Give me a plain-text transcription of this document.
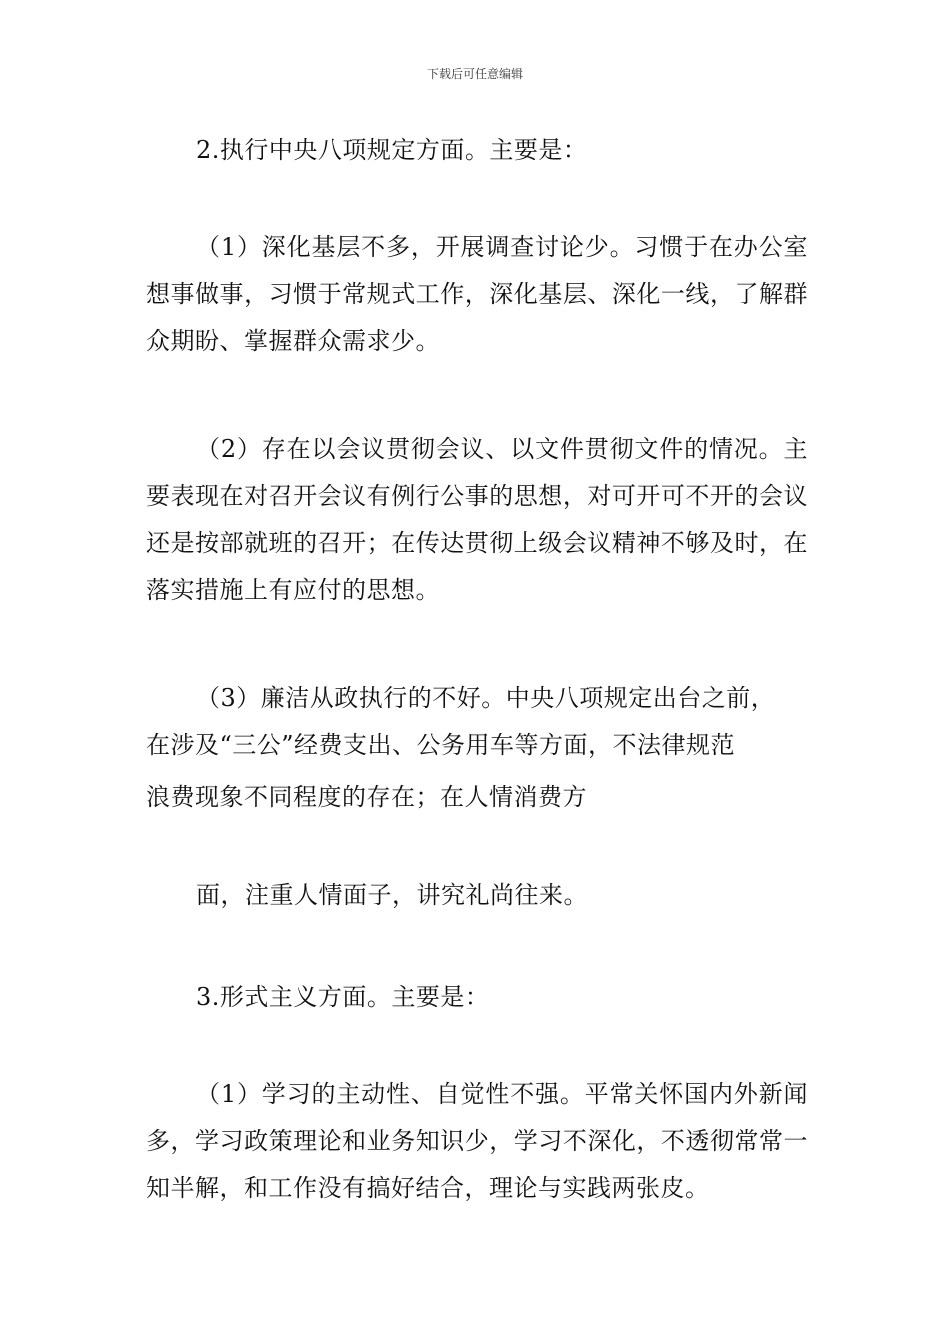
下载后可任意编辑
2.执行中央八项规定方面。主要是：

（1）深化基层不多，开展调查讨论少。习惯于在办公室想事做事，习惯于常规式工作，深化基层、深化一线，了解群众期盼、掌握群众需求少。

（2）存在以会议贯彻会议、以文件贯彻文件的情况。主要表现在对召开会议有例行公事的思想，对可开可不开的会议还是按部就班的召开；在传达贯彻上级会议精神不够及时，在落实措施上有应付的思想。

（3）廉洁从政执行的不好。中央八项规定出台之前，
在涉及“三公”经费支出、公务用车等方面，不法律规范
浪费现象不同程度的存在；在人情消费方
面，注重人情面子，讲究礼尚往来。
3.形式主义方面。主要是：

（1）学习的主动性、自觉性不强。平常关怀国内外新闻多，学习政策理论和业务知识少，学习不深化，不透彻常常一知半解，和工作没有搞好结合，理论与实践两张皮。
